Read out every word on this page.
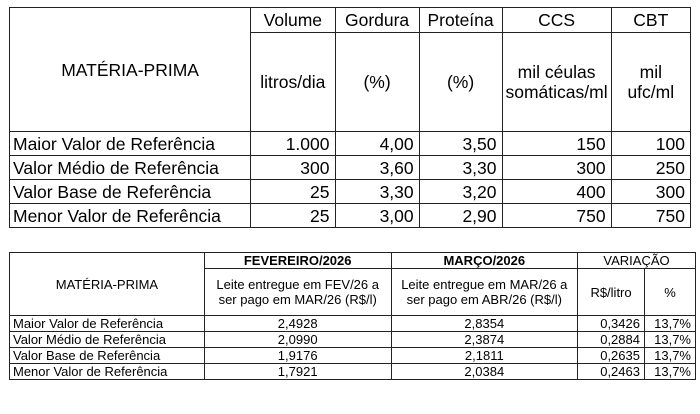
MATÉRIA-PRIMA	Volume	Gordura	Proteína	CCS	CBT
	litros/dia	(%)	(%)	mil céulas somáticas/ml	mil ufc/ml
Maior Valor de Referência	1.000	4,00	3,50	150	100
Valor Médio de Referência	300	3,60	3,30	300	250
Valor Base de Referência	25	3,30	3,20	400	300
Menor Valor de Referência	25	3,00	2,90	750	750
MATÉRIA-PRIMA	FEVEREIRO/2026	MARÇO/2026	VARIAÇÃO	
	Leite entregue em FEV/26 a ser pago em MAR/26 (R$/l)	Leite entregue em MAR/26 a ser pago em ABR/26 (R$/l)	R$/litro	%
Maior Valor de Referência	2,4928	2,8354	0,3426	13,7%
Valor Médio de Referência	2,0990	2,3874	0,2884	13,7%
Valor Base de Referência	1,9176	2,1811	0,2635	13,7%
Menor Valor de Referência	1,7921	2,0384	0,2463	13,7%
